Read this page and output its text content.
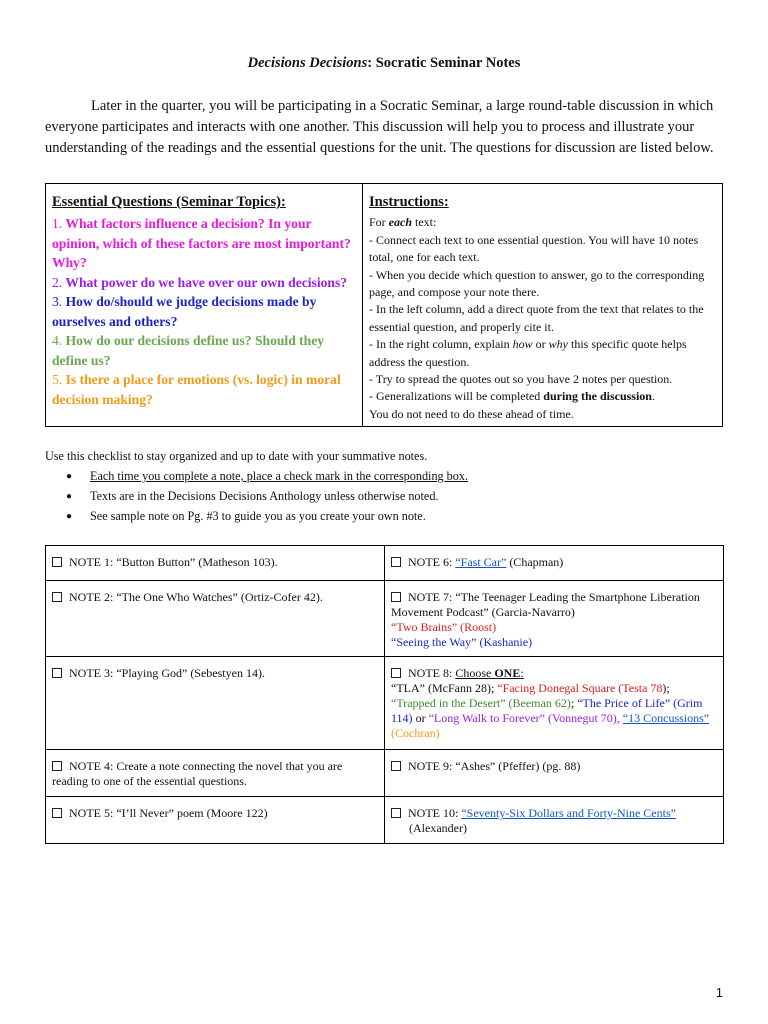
Decisions Decisions: Socratic Seminar Notes
Later in the quarter, you will be participating in a Socratic Seminar, a large round-table discussion in which everyone participates and interacts with one another. This discussion will help you to process and illustrate your understanding of the readings and the essential questions for the unit. The questions for discussion are listed below.
Essential Questions (Seminar Topics):
1. What factors influence a decision? In your opinion, which of these factors are most important? Why?
2. What power do we have over our own decisions?
3. How do/should we judge decisions made by ourselves and others?
4. How do our decisions define us? Should they define us?
5. Is there a place for emotions (vs. logic) in moral decision making?
Instructions:
For each text:
- Connect each text to one essential question. You will have 10 notes total, one for each text.
- When you decide which question to answer, go to the corresponding page, and compose your note there.
- In the left column, add a direct quote from the text that relates to the essential question, and properly cite it.
- In the right column, explain how or why this specific quote helps address the question.
- Try to spread the quotes out so you have 2 notes per question.
- Generalizations will be completed during the discussion.
You do not need to do these ahead of time.
Use this checklist to stay organized and up to date with your summative notes.
● Each time you complete a note, place a check mark in the corresponding box.
● Texts are in the Decisions Decisions Anthology unless otherwise noted.
● See sample note on Pg. #3 to guide you as you create your own note.
NOTE 1: “Button Button” (Matheson 103).	NOTE 6: “Fast Car” (Chapman)
NOTE 2: “The One Who Watches” (Ortiz-Cofer 42).	NOTE 7: “The Teenager Leading the Smartphone Liberation Movement Podcast” (Garcia-Navarro)
“Two Brains” (Roost)
“Seeing the Way” (Kashanie)

NOTE 3: “Playing God” (Sebestyen 14).	NOTE 8: Choose ONE:
“TLA” (McFann 28); “Facing Donegal Square (Testa 78); “Trapped in the Desert” (Beeman 62); “The Price of Life” (Grim 114) or “Long Walk to Forever” (Vonnegut 70), “13 Concussions” (Cochran)

NOTE 4: Create a note connecting the novel that you are reading to one of the essential questions.	NOTE 9: “Ashes” (Pfeffer) (pg. 88)
NOTE 5: “I’ll Never” poem (Moore 122)	NOTE 10: “Seventy-Six Dollars and Forty-Nine Cents”
(Alexander)
1
